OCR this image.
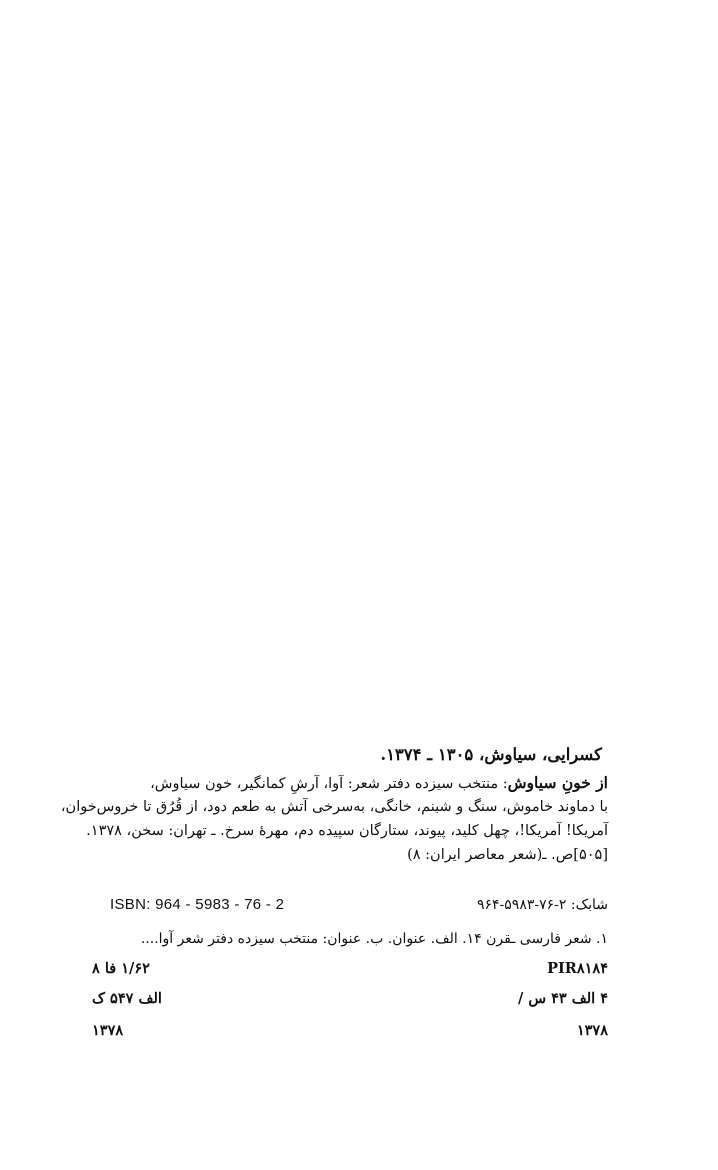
کسرایی، سیاوش، ۱۳۰۵ ـ ۱۳۷۴.
از خونِ سیاوش: منتخب سیزده دفتر شعر: آوا، آرشِ کمانگیر، خون سیاوش،
با دماوند خاموش، سنگ و شبنم، خانگی، به‌سرخی آتش به طعم دود، از قُرُق تا خروس‌خوان،
آمریکا! آمریکا!، چهل کلید، پیوند، ستارگان سپیده دم، مهرهٔ سرخ. ـ تهران: سخن، ۱۳۷۸.
[۵۰۵]ص. ـ(شعر معاصر ایران: ۸)
شابک: ۲-۷۶-۵۹۸۳-۹۶۴
ISBN: 964 - 5983 - 76 - 2
۱. شعر فارسی ـقرن ۱۴. الف. عنوان. ب. عنوان: منتخب سیزده دفتر شعر آوا....
PIR۸۱۸۴
۴ الف ۴۳ س /
۱۳۷۸
۱/۶۲ فا ۸
الف ۵۴۷ ک
۱۳۷۸
